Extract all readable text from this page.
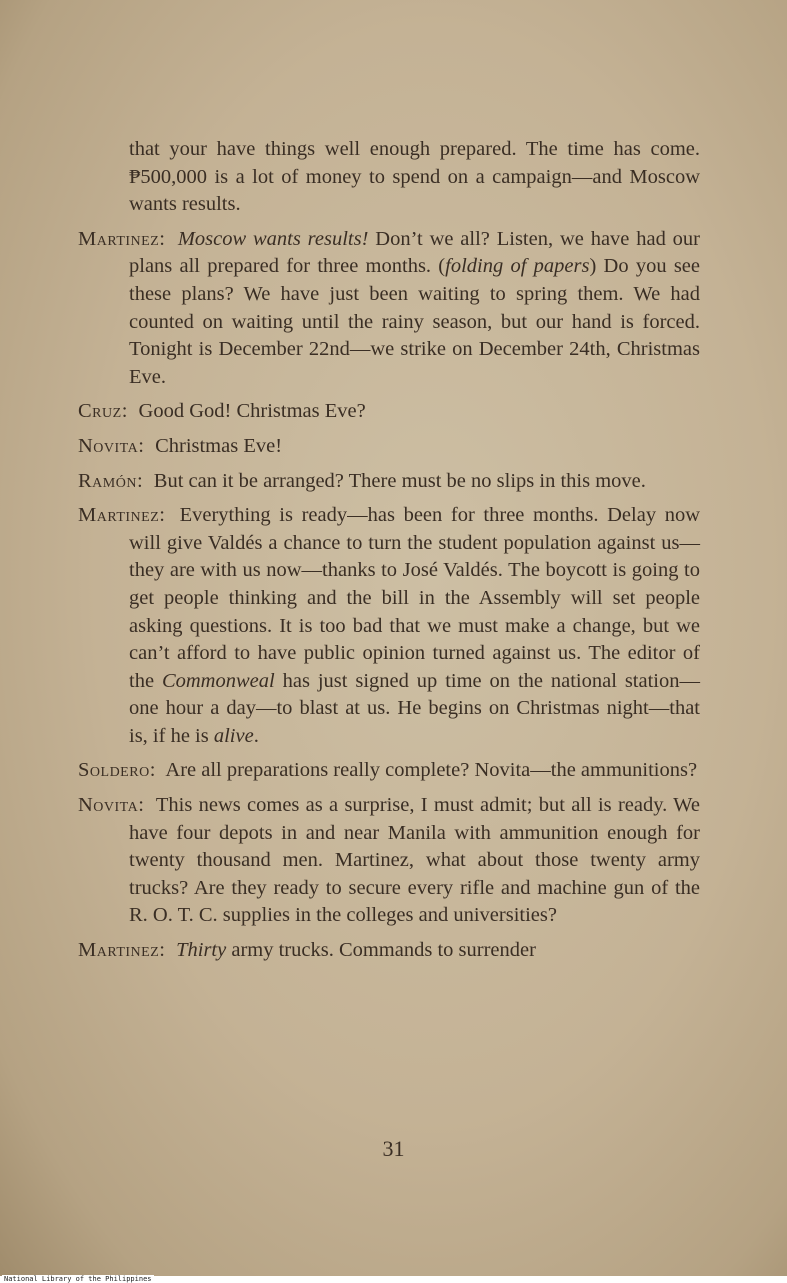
that your have things well enough prepared. The time has come. ₱500,000 is a lot of money to spend on a campaign––and Moscow wants results.

Martinez: Moscow wants results! Don’t we all? Listen, we have had our plans all prepared for three months. (folding of papers) Do you see these plans? We have just been waiting to spring them. We had counted on waiting until the rainy season, but our hand is forced. Tonight is December 22nd—we strike on December 24th, Christmas Eve.

Cruz: Good God! Christmas Eve?

Novita: Christmas Eve!

Ramón: But can it be arranged? There must be no slips in this move.

Martinez: Everything is ready––has been for three months. Delay now will give Valdés a chance to turn the student population against us—they are with us now––thanks to José Valdés. The boycott is going to get people thinking and the bill in the Assembly will set people asking questions. It is too bad that we must make a change, but we can’t afford to have public opinion turned against us. The editor of the Commonweal has just signed up time on the national station—one hour a day—to blast at us. He begins on Christmas night—that is, if he is alive.

Soldero: Are all preparations really complete? Novita—the ammunitions?

Novita: This news comes as a surprise, I must admit; but all is ready. We have four depots in and near Manila with ammunition enough for twenty thousand men. Martinez, what about those twenty army trucks? Are they ready to secure every rifle and machine gun of the R. O. T. C. supplies in the colleges and universities?

Martinez: Thirty army trucks. Commands to surrender

31
National Library of the Philippines
